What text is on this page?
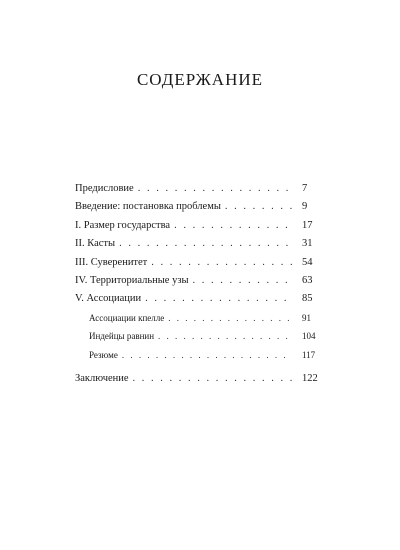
СОДЕРЖАНИЕ
Предисловие . . .	7
Введение: постановка проблемы . . .	9
I. Размер государства . . .	17
II. Касты . . .	31
III. Суверенитет . . .	54
IV. Территориальные узы . . .	63
V. Ассоциации . . .	85
Ассоциации кпелле . . .	91
Индейцы равнин . . .	104
Резюме . . .	117
Заключение . . .	122
